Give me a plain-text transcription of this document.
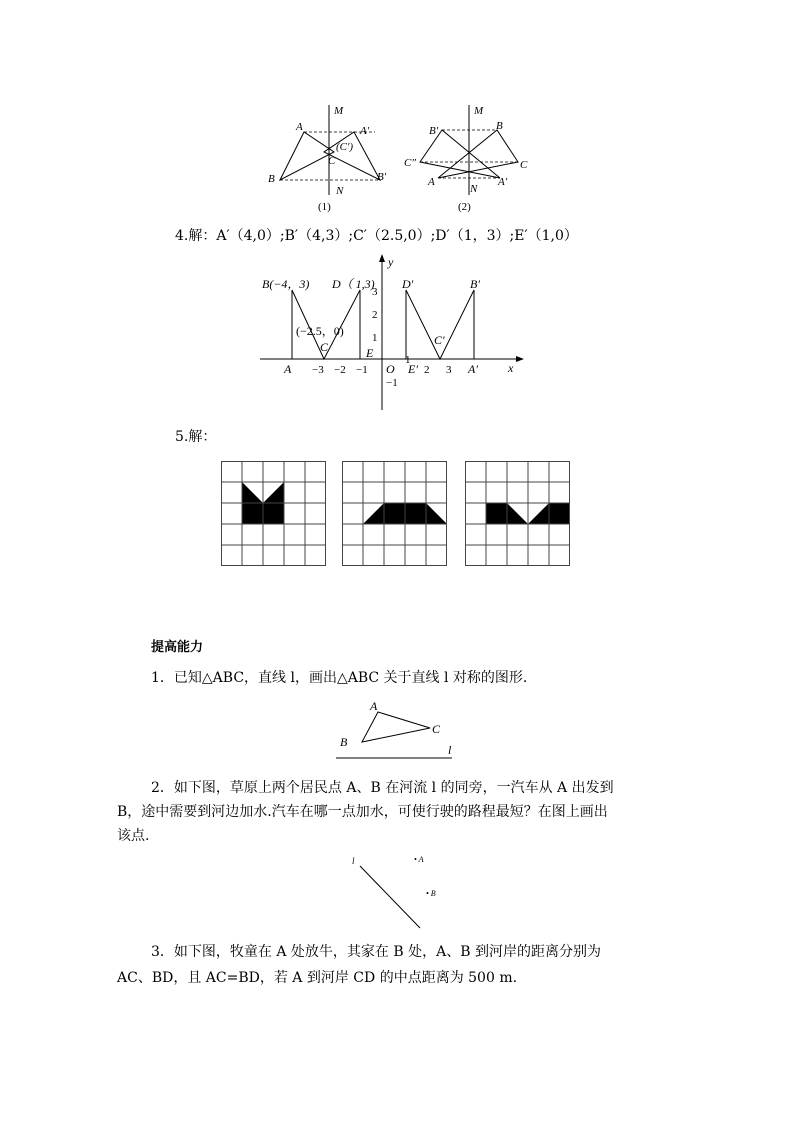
M
N
A	A′
B	B′
C
(C′)
(1)
M
N
B′	B
C″	C
A	A′
(2)
4.解：A′（4,0）;B′（4,3）;C′（2.5,0）;D′（1，3）;E′（1,0）
y
x
B(−4，3) D（ 1,3)
(−2.5，0)
C	E
A	O
D′	B′
C′
E′	A′
−3 −2 −1
1
2 3
3
2
1
−1
5.解：
提高能力
1．已知△ABC，直线 l，画出△ABC 关于直线 l 对称的图形.
A
B
C
l
2．如下图，草原上两个居民点 A、B 在河流 l 的同旁，一汽车从 A 出发到
B，途中需要到河边加水.汽车在哪一点加水，可使行驶的路程最短？在图上画出
该点.
l	• A
• B
3．如下图，牧童在 A 处放牛，其家在 B 处，A、B 到河岸的距离分别为
AC、BD，且 AC=BD，若 A 到河岸 CD 的中点距离为 500 m.
